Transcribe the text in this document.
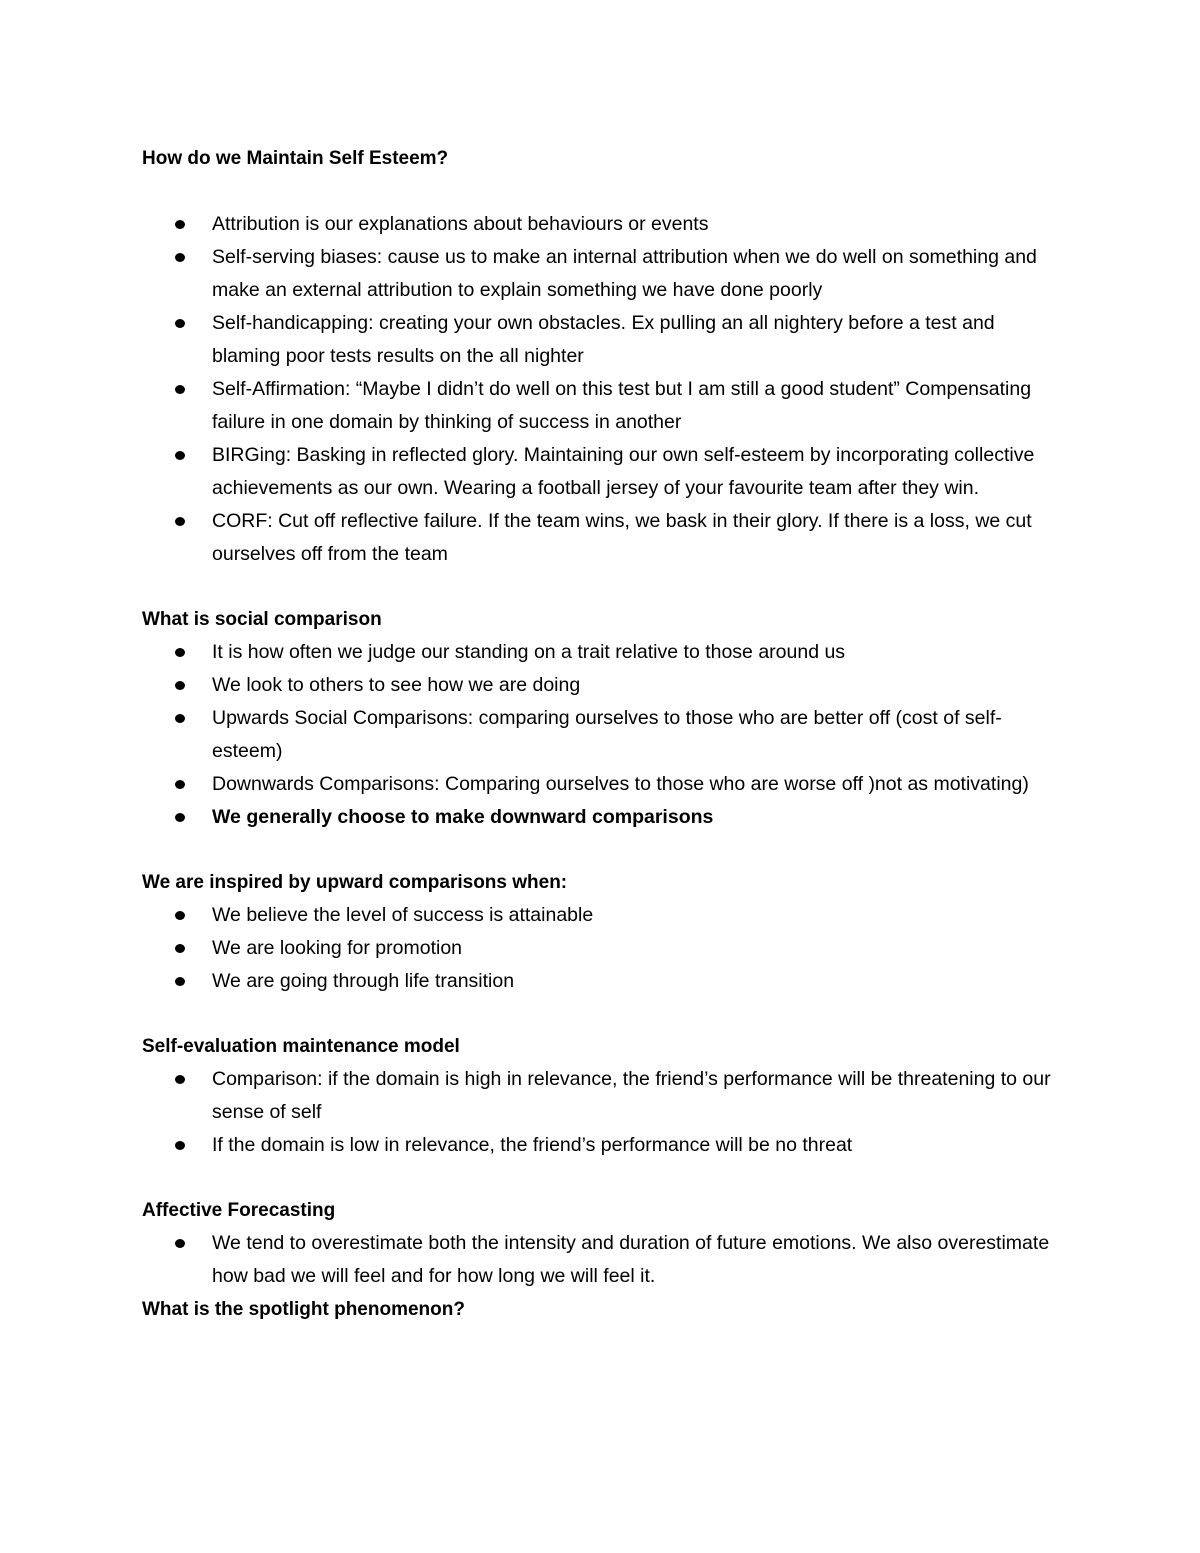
How do we Maintain Self Esteem?

Attribution is our explanations about behaviours or events
Self-serving biases: cause us to make an internal attribution when we do well on something and make an external attribution to explain something we have done poorly
Self-handicapping: creating your own obstacles. Ex pulling an all nightery before a test and blaming poor tests results on the all nighter
Self-Affirmation: “Maybe I didn’t do well on this test but I am still a good student” Compensating failure in one domain by thinking of success in another
BIRGing: Basking in reflected glory. Maintaining our own self-esteem by incorporating collective achievements as our own. Wearing a football jersey of your favourite team after they win.
CORF: Cut off reflective failure. If the team wins, we bask in their glory. If there is a loss, we cut ourselves off from the team

What is social comparison

It is how often we judge our standing on a trait relative to those around us
We look to others to see how we are doing
Upwards Social Comparisons: comparing ourselves to those who are better off (cost of self-esteem)
Downwards Comparisons: Comparing ourselves to those who are worse off )not as motivating)
We generally choose to make downward comparisons

We are inspired by upward comparisons when:

We believe the level of success is attainable
We are looking for promotion
We are going through life transition

Self-evaluation maintenance model

Comparison: if the domain is high in relevance, the friend’s performance will be threatening to our sense of self
If the domain is low in relevance, the friend’s performance will be no threat

Affective Forecasting

We tend to overestimate both the intensity and duration of future emotions. We also overestimate how bad we will feel and for how long we will feel it.

What is the spotlight phenomenon?
